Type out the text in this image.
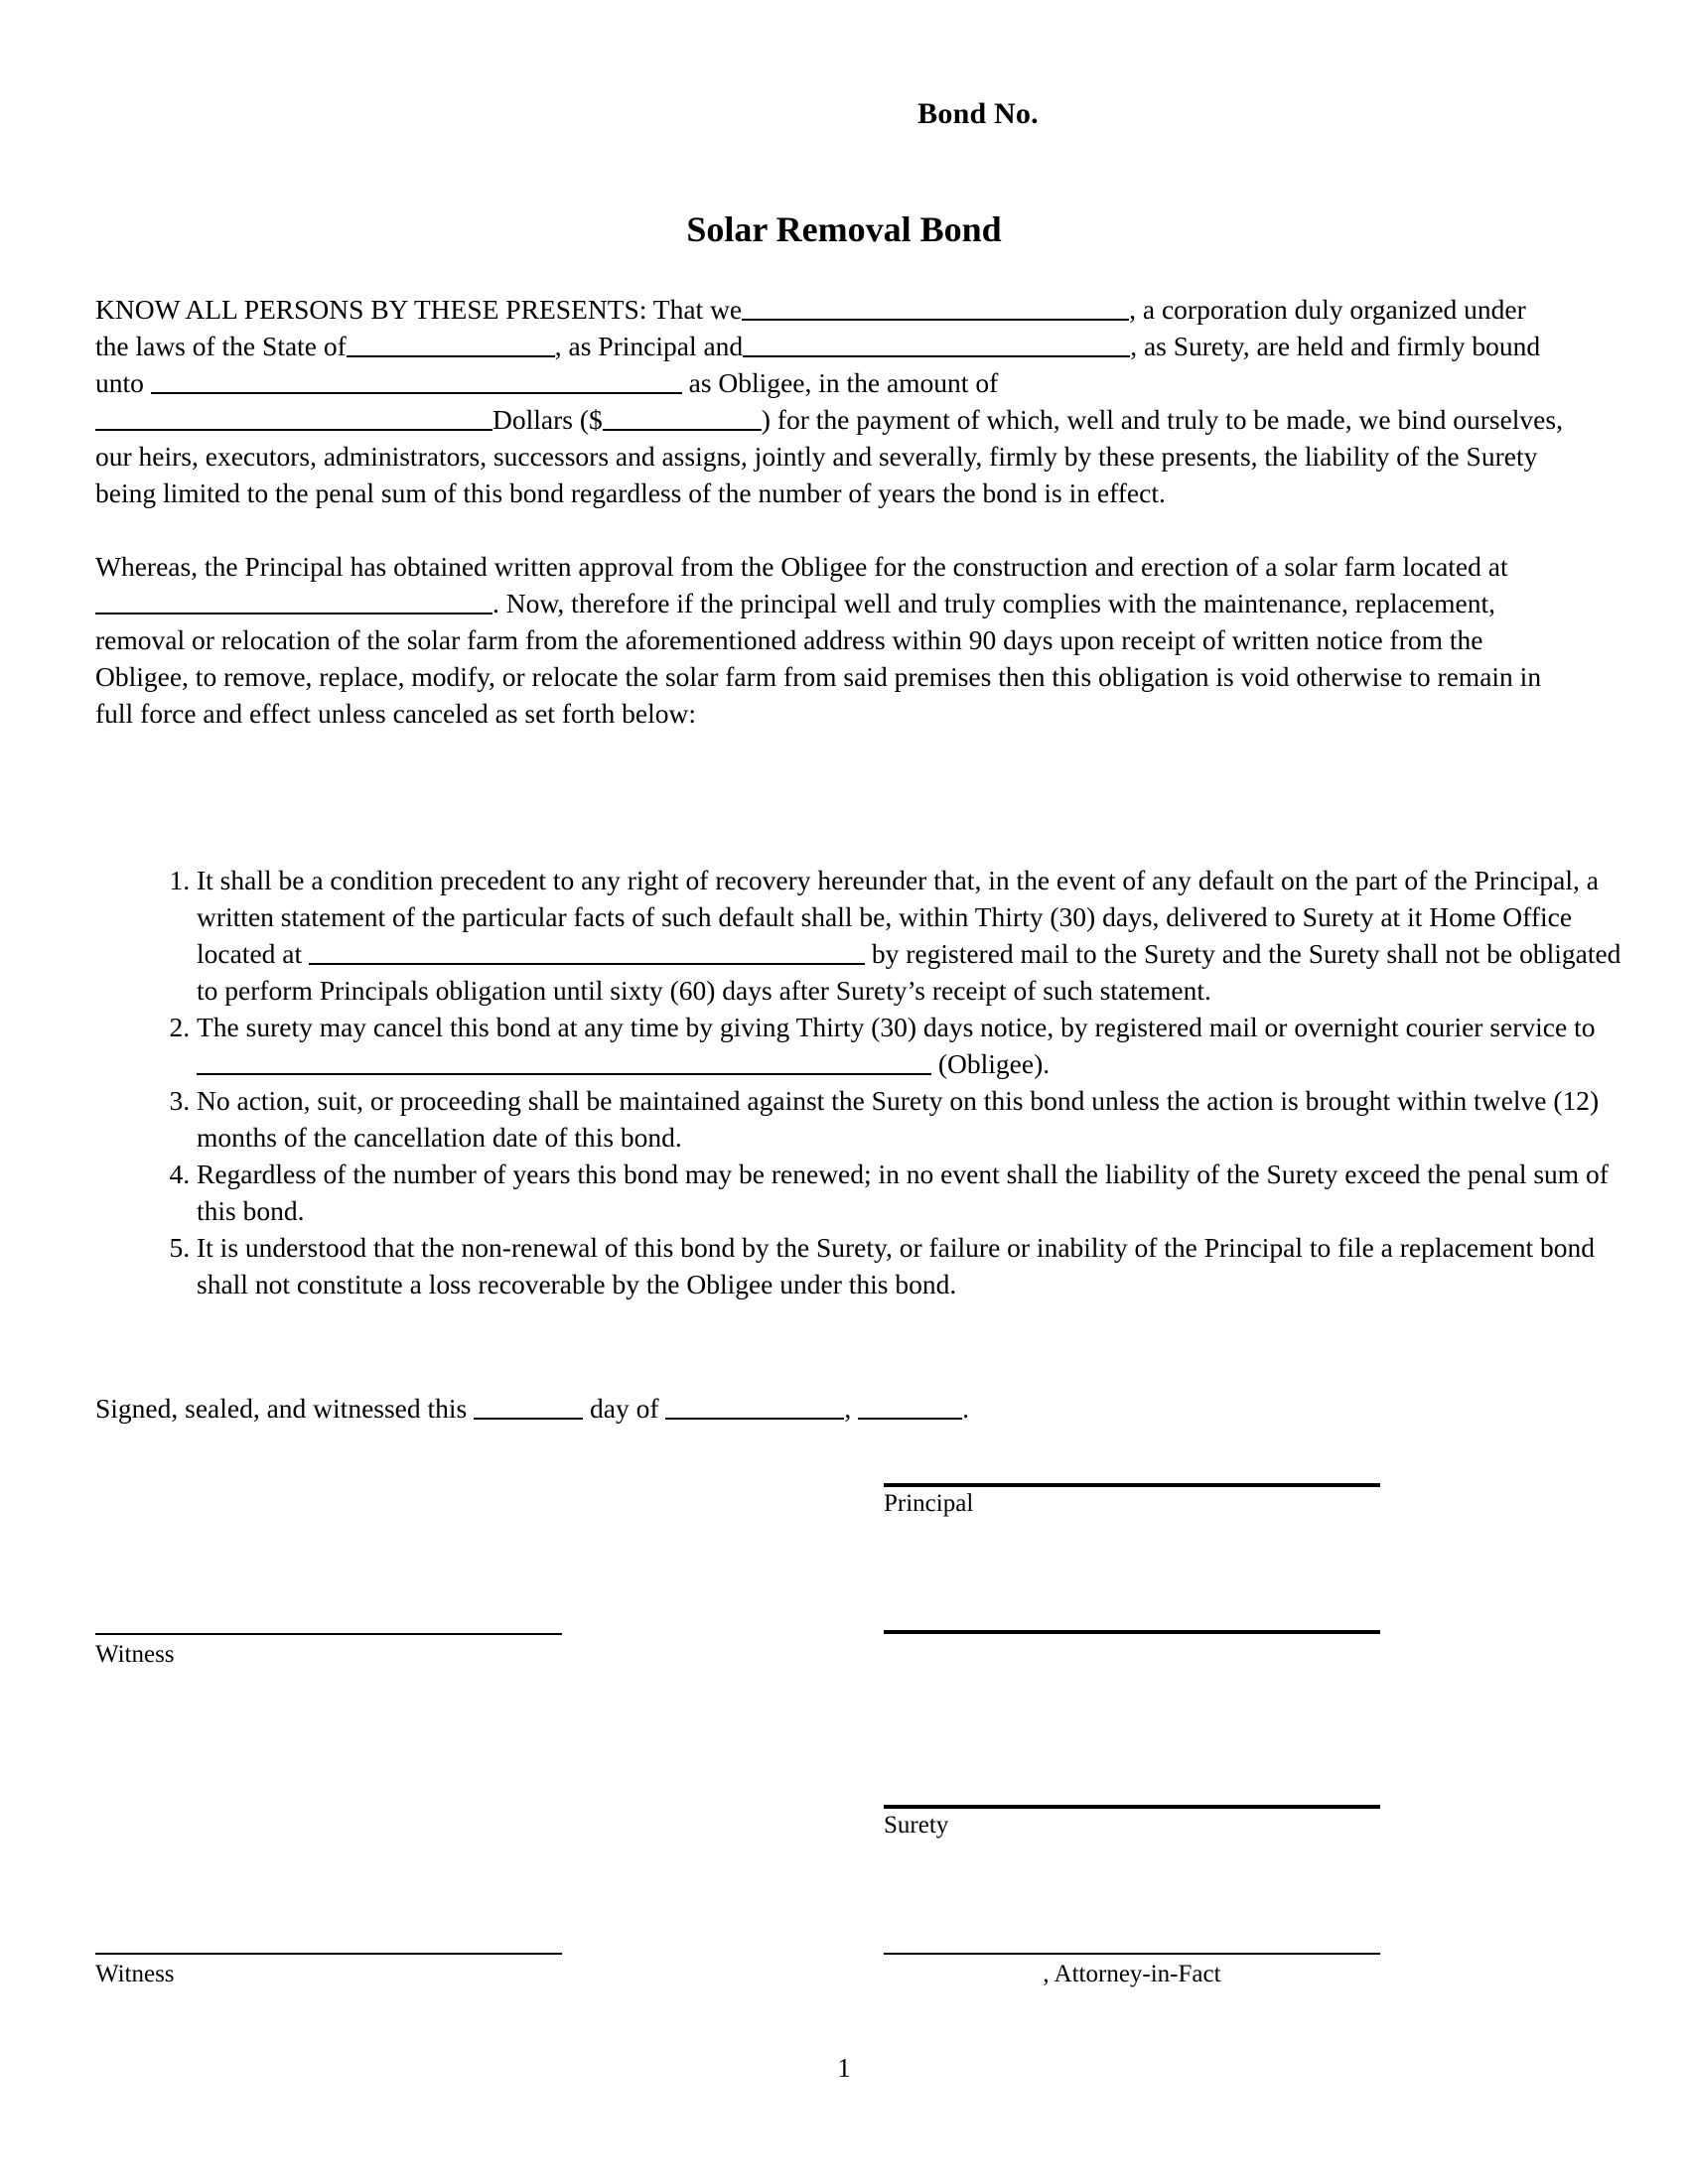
Bond No.
Solar Removal Bond

KNOW ALL PERSONS BY THESE PRESENTS: That we	, a corporation duly organized under the laws of the State of	, as Principal and	, as Surety, are held and firmly bound unto	as Obligee, in the amount of
Dollars ($	) for the payment of which, well and truly to be made, we bind ourselves, our heirs, executors, administrators, successors and assigns, jointly and severally, firmly by these presents, the liability of the Surety being limited to the penal sum of this bond regardless of the number of years the bond is in effect.

Whereas, the Principal has obtained written approval from the Obligee for the construction and erection of a solar farm located at . Now, therefore if the principal well and truly complies with the maintenance, replacement, removal or relocation of the solar farm from the aforementioned address within 90 days upon receipt of written notice from the Obligee, to remove, replace, modify, or relocate the solar farm from said premises then this obligation is void otherwise to remain in full force and effect unless canceled as set forth below:

1. It shall be a condition precedent to any right of recovery hereunder that, in the event of any default on the part of the Principal, a written statement of the particular facts of such default shall be, within Thirty (30) days, delivered to Surety at it Home Office located at	by registered mail to the Surety and the Surety shall not be obligated to perform Principals obligation until sixty (60) days after Surety’s receipt of such statement.
2. The surety may cancel this bond at any time by giving Thirty (30) days notice, by registered mail or overnight courier service to  (Obligee).
3. No action, suit, or proceeding shall be maintained against the Surety on this bond unless the action is brought within twelve (12) months of the cancellation date of this bond.
4. Regardless of the number of years this bond may be renewed; in no event shall the liability of the Surety exceed the penal sum of this bond.
5. It is understood that the non-renewal of this bond by the Surety, or failure or inability of the Principal to file a replacement bond shall not constitute a loss recoverable by the Obligee under this bond.
Signed, sealed, and witnessed this	day of	,	.
Principal
Witness
Surety
Witness	, Attorney-in-Fact
1
